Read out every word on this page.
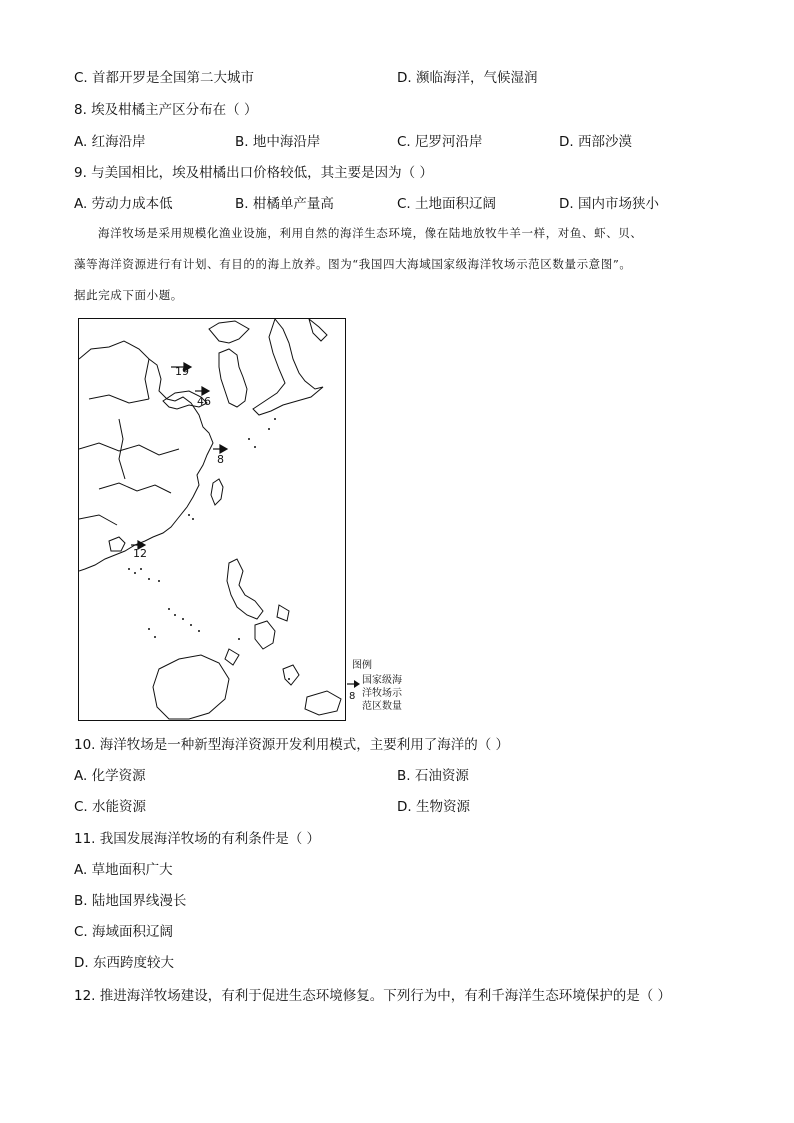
C. 首都开罗是全国第二大城市	D. 濒临海洋，气候湿润
8. 埃及柑橘主产区分布在（ ）
A. 红海沿岸	B. 地中海沿岸	C. 尼罗河沿岸	D. 西部沙漠
9. 与美国相比，埃及柑橘出口价格较低，其主要是因为（ ）
A. 劳动力成本低	B. 柑橘单产量高	C. 土地面积辽阔	D. 国内市场狭小
海洋牧场是采用规模化渔业设施，利用自然的海洋生态环境，像在陆地放牧牛羊一样，对鱼、虾、贝、
藻等海洋资源进行有计划、有目的的海上放养。图为“我国四大海域国家级海洋牧场示范区数量示意图”。
据此完成下面小题。
19
46
8
12
图例
8
国家级海
洋牧场示
范区数量
10. 海洋牧场是一种新型海洋资源开发利用模式，主要利用了海洋的（ ）
A. 化学资源	B. 石油资源
C. 水能资源	D. 生物资源
11. 我国发展海洋牧场的有利条件是（ ）
A. 草地面积广大
B. 陆地国界线漫长
C. 海域面积辽阔
D. 东西跨度较大
12. 推进海洋牧场建设，有利于促进生态环境修复。下列行为中，有利千海洋生态环境保护的是（ ）
